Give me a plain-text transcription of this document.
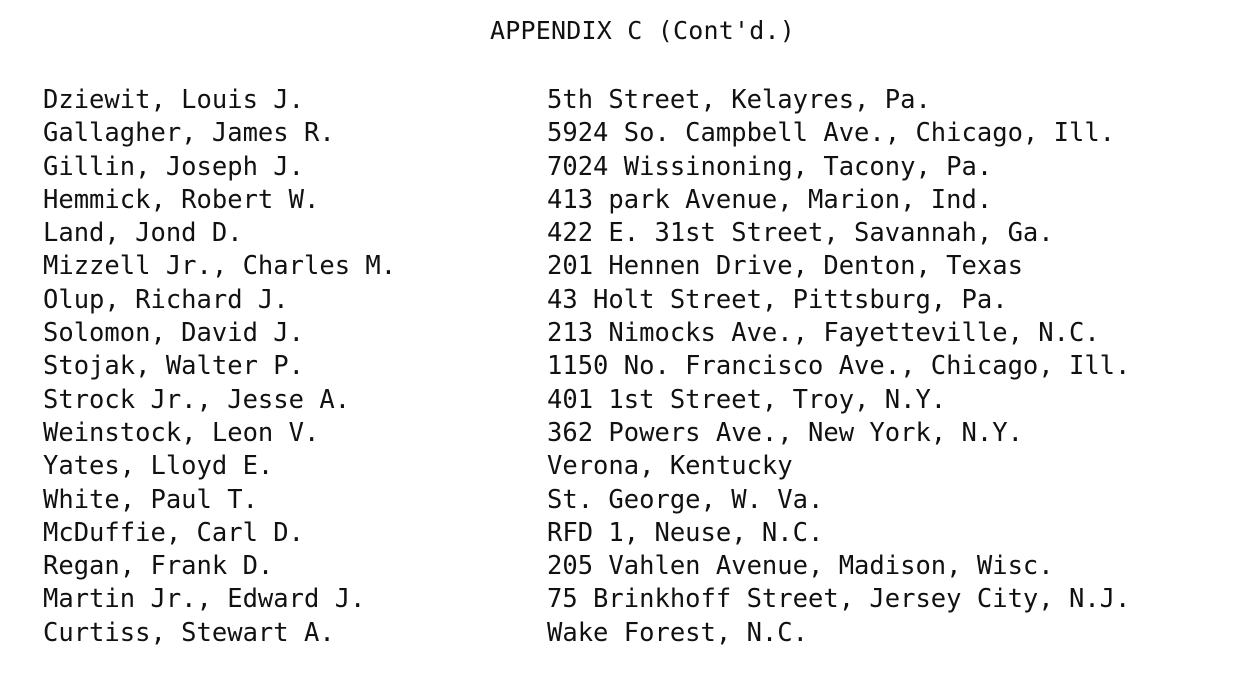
APPENDIX C (Cont'd.)
Dziewit, Louis J.	5th Street, Kelayres, Pa.
Gallagher, James R.	5924 So. Campbell Ave., Chicago, Ill.
Gillin, Joseph J.	7024 Wissinoning, Tacony, Pa.
Hemmick, Robert W.	413 park Avenue, Marion, Ind.
Land, Jond D.	422 E. 31st Street, Savannah, Ga.
Mizzell Jr., Charles M.	201 Hennen Drive, Denton, Texas
Olup, Richard J.	43 Holt Street, Pittsburg, Pa.
Solomon, David J.	213 Nimocks Ave., Fayetteville, N.C.
Stojak, Walter P.	1150 No. Francisco Ave., Chicago, Ill.
Strock Jr., Jesse A.	401 1st Street, Troy, N.Y.
Weinstock, Leon V.	362 Powers Ave., New York, N.Y.
Yates, Lloyd E.	Verona, Kentucky
White, Paul T.	St. George, W. Va.
McDuffie, Carl D.	RFD 1, Neuse, N.C.
Regan, Frank D.	205 Vahlen Avenue, Madison, Wisc.
Martin Jr., Edward J.	75 Brinkhoff Street, Jersey City, N.J.
Curtiss, Stewart A.	Wake Forest, N.C.
